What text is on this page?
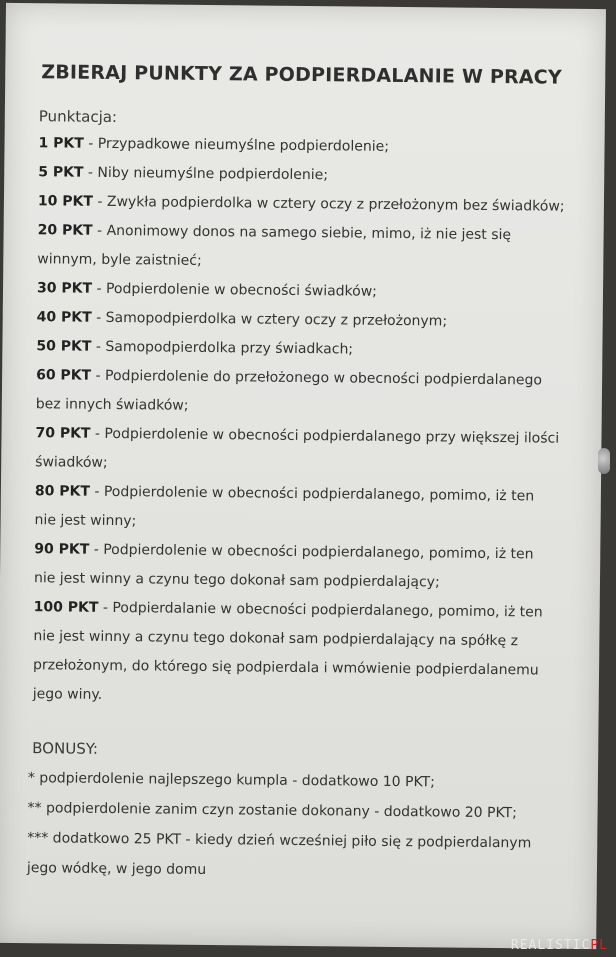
ZBIERAJ PUNKTY ZA PODPIERDALANIE W PRACY
Punktacja:
1 PKT - Przypadkowe nieumyślne podpierdolenie;
5 PKT - Niby nieumyślne podpierdolenie;
10 PKT - Zwykła podpierdolka w cztery oczy z przełożonym bez świadków;
20 PKT - Anonimowy donos na samego siebie, mimo, iż nie jest się
winnym, byle zaistnieć;
30 PKT - Podpierdolenie w obecności świadków;
40 PKT - Samopodpierdolka w cztery oczy z przełożonym;
50 PKT - Samopodpierdolka przy świadkach;
60 PKT - Podpierdolenie do przełożonego w obecności podpierdalanego
bez innych świadków;
70 PKT - Podpierdolenie w obecności podpierdalanego przy większej ilości
świadków;
80 PKT - Podpierdolenie w obecności podpierdalanego, pomimo, iż ten
nie jest winny;
90 PKT - Podpierdolenie w obecności podpierdalanego, pomimo, iż ten
nie jest winny a czynu tego dokonał sam podpierdalający;
100 PKT - Podpierdalanie w obecności podpierdalanego, pomimo, iż ten
nie jest winny a czynu tego dokonał sam podpierdalający na spółkę z
przełożonym, do którego się podpierdala i wmówienie podpierdalanemu
jego winy.
BONUSY:
* podpierdolenie najlepszego kumpla - dodatkowo 10 PKT;
** podpierdolenie zanim czyn zostanie dokonany - dodatkowo 20 PKT;
*** dodatkowo 25 PKT - kiedy dzień wcześniej piło się z podpierdalanym
jego wódkę, w jego domu
REALISTICPL
